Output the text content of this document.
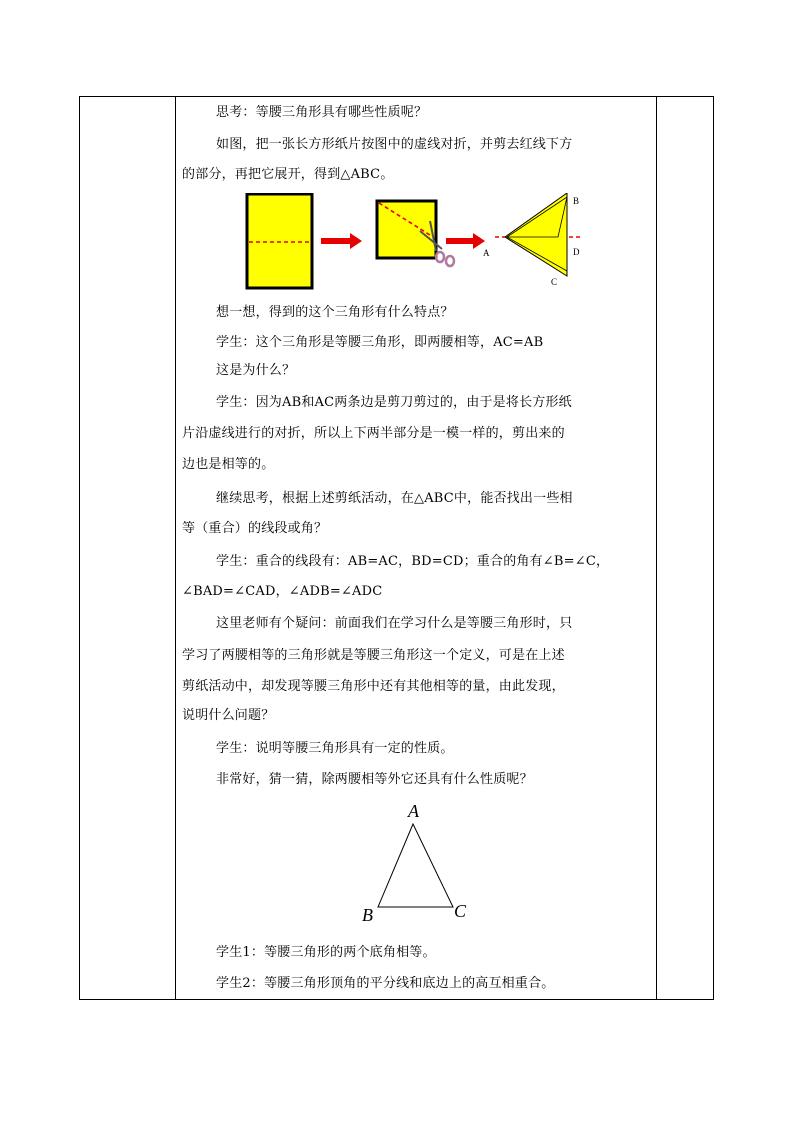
思考：等腰三角形具有哪些性质呢？
如图，把一张长方形纸片按图中的虚线对折，并剪去红线下方
的部分，再把它展开，得到△ABC。
A
B
D
C
想一想，得到的这个三角形有什么特点？
学生：这个三角形是等腰三角形，即两腰相等，AC=AB
这是为什么？
学生：因为AB和AC两条边是剪刀剪过的，由于是将长方形纸
片沿虚线进行的对折，所以上下两半部分是一模一样的，剪出来的
边也是相等的。
继续思考，根据上述剪纸活动，在△ABC中，能否找出一些相
等（重合）的线段或角？
学生：重合的线段有：AB=AC，BD=CD；重合的角有∠B=∠C，
∠BAD=∠CAD，∠ADB=∠ADC
这里老师有个疑问：前面我们在学习什么是等腰三角形时，只
学习了两腰相等的三角形就是等腰三角形这一个定义，可是在上述
剪纸活动中，却发现等腰三角形中还有其他相等的量，由此发现，
说明什么问题？
学生：说明等腰三角形具有一定的性质。
非常好，猜一猜，除两腰相等外它还具有什么性质呢？
A
B	C
学生1：等腰三角形的两个底角相等。
学生2：等腰三角形顶角的平分线和底边上的高互相重合。
